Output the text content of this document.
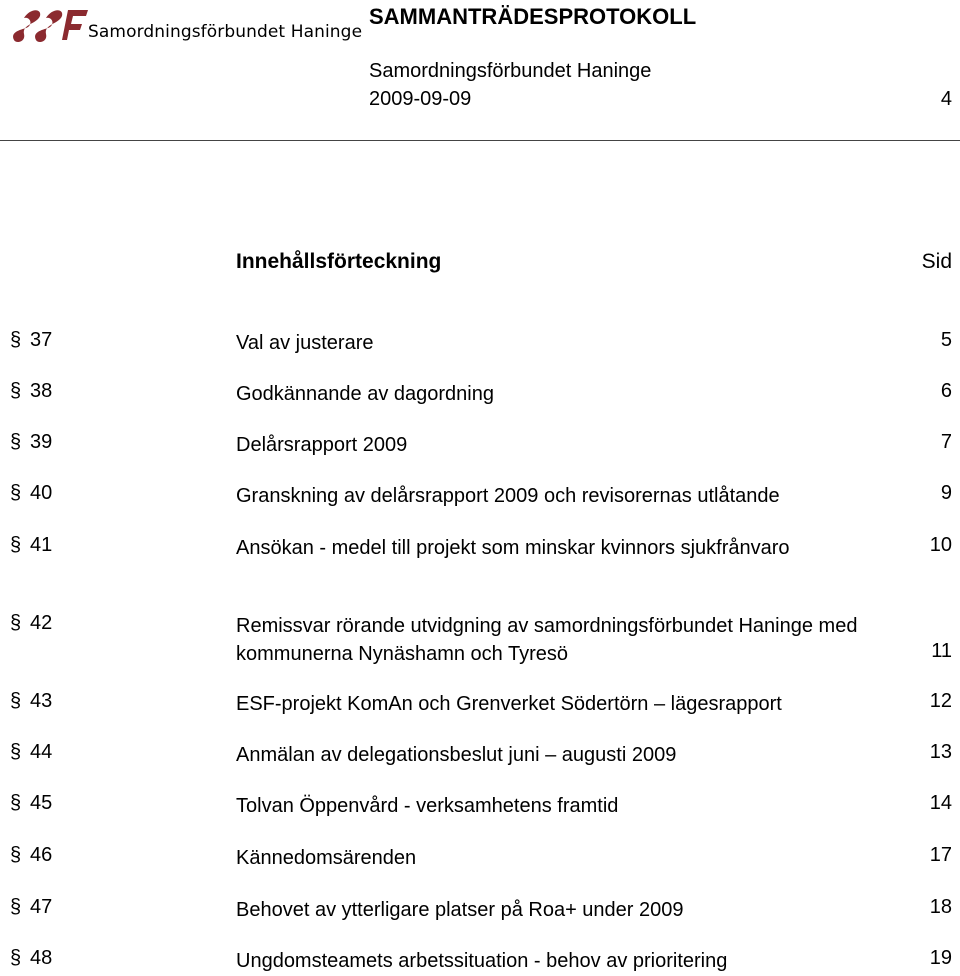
Samordningsförbundet Haninge
SAMMANTRÄDESPROTOKOLL
Samordningsförbundet Haninge
2009-09-09	4
Innehållsförteckning	Sid
§ 37	Val av justerare	5
§ 38	Godkännande av dagordning	6
§ 39	Delårsrapport 2009	7
§ 40	Granskning av delårsrapport 2009 och revisorernas utlåtande	9
§ 41	Ansökan - medel till projekt som minskar kvinnors sjukfrånvaro	10
§ 42	Remissvar rörande utvidgning av samordningsförbundet Haninge med kommunerna Nynäshamn och Tyresö	11
§ 43	ESF-projekt KomAn och Grenverket Södertörn – lägesrapport	12
§ 44	Anmälan av delegationsbeslut juni – augusti 2009	13
§ 45	Tolvan Öppenvård - verksamhetens framtid	14
§ 46	Kännedomsärenden	17
§ 47	Behovet av ytterligare platser på Roa+ under 2009	18
§ 48	Ungdomsteamets arbetssituation - behov av prioritering	19
